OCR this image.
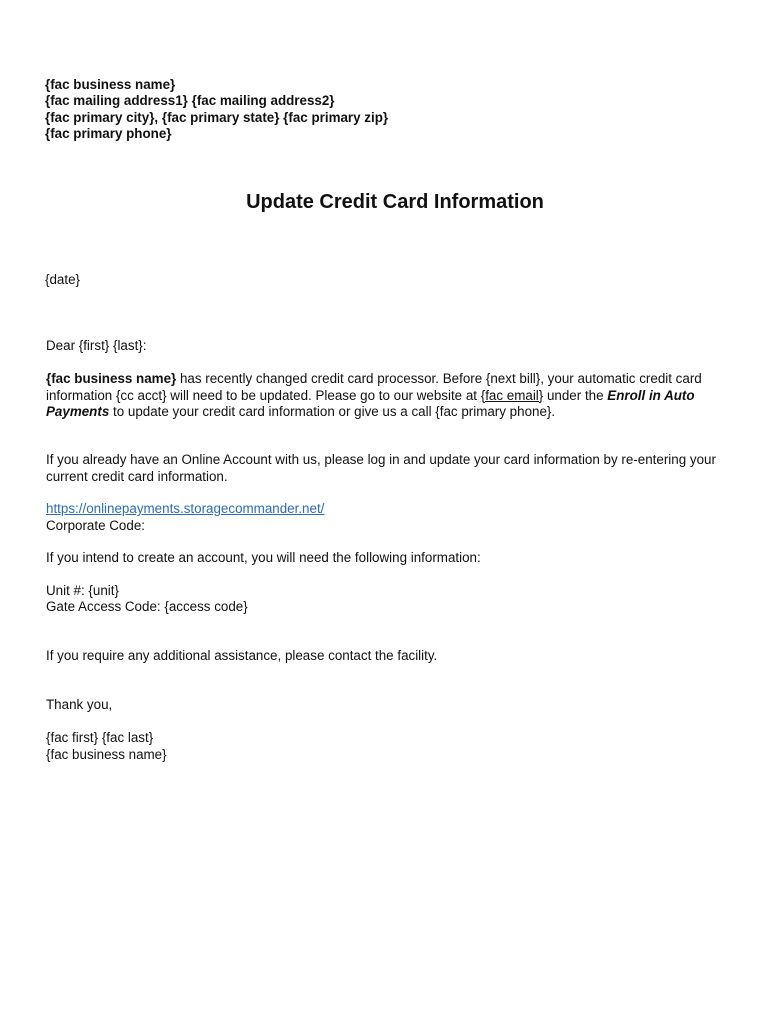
{fac business name}
{fac mailing address1} {fac mailing address2}
{fac primary city}, {fac primary state} {fac primary zip}
{fac primary phone}
Update Credit Card Information
{date}
Dear {first} {last}:

{fac business name} has recently changed credit card processor. Before {next bill}, your automatic credit card information {cc acct} will need to be updated. Please go to our website at {fac email} under the Enroll in Auto Payments to update your credit card information or give us a call {fac primary phone}.

If you already have an Online Account with us, please log in and update your card information by re-entering your current credit card information.

https://onlinepayments.storagecommander.net/
Corporate Code:
If you intend to create an account, you will need the following information:
Unit #: {unit}
Gate Access Code: {access code}
If you require any additional assistance, please contact the facility.
Thank you,
{fac first} {fac last}
{fac business name}
